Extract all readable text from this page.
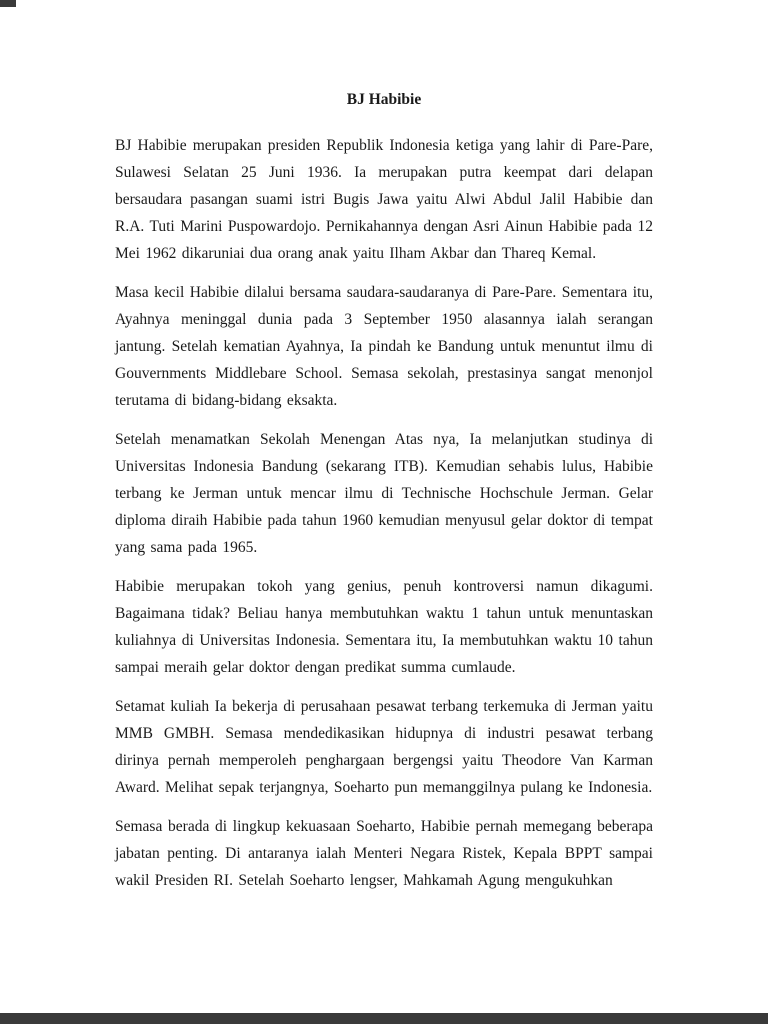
BJ Habibie

BJ Habibie merupakan presiden Republik Indonesia ketiga yang lahir di Pare-Pare, Sulawesi Selatan 25 Juni 1936. Ia merupakan putra keempat dari delapan bersaudara pasangan suami istri Bugis Jawa yaitu Alwi Abdul Jalil Habibie dan R.A. Tuti Marini Puspowardojo. Pernikahannya dengan Asri Ainun Habibie pada 12 Mei 1962 dikaruniai dua orang anak yaitu Ilham Akbar dan Thareq Kemal.

Masa kecil Habibie dilalui bersama saudara-saudaranya di Pare-Pare. Sementara itu, Ayahnya meninggal dunia pada 3 September 1950 alasannya ialah serangan jantung. Setelah kematian Ayahnya, Ia pindah ke Bandung untuk menuntut ilmu di Gouvernments Middlebare School. Semasa sekolah, prestasinya sangat menonjol terutama di bidang-bidang eksakta.

Setelah menamatkan Sekolah Menengan Atas nya, Ia melanjutkan studinya di Universitas Indonesia Bandung (sekarang ITB). Kemudian sehabis lulus, Habibie terbang ke Jerman untuk mencar ilmu di Technische Hochschule Jerman. Gelar diploma diraih Habibie pada tahun 1960 kemudian menyusul gelar doktor di tempat yang sama pada 1965.

Habibie merupakan tokoh yang genius, penuh kontroversi namun dikagumi. Bagaimana tidak? Beliau hanya membutuhkan waktu 1 tahun untuk menuntaskan kuliahnya di Universitas Indonesia. Sementara itu, Ia membutuhkan waktu 10 tahun sampai meraih gelar doktor dengan predikat summa cumlaude.

Setamat kuliah Ia bekerja di perusahaan pesawat terbang terkemuka di Jerman yaitu MMB GMBH. Semasa mendedikasikan hidupnya di industri pesawat terbang dirinya pernah memperoleh penghargaan bergengsi yaitu Theodore Van Karman Award. Melihat sepak terjangnya, Soeharto pun memanggilnya pulang ke Indonesia.

Semasa berada di lingkup kekuasaan Soeharto, Habibie pernah memegang beberapa jabatan penting. Di antaranya ialah Menteri Negara Ristek, Kepala BPPT sampai wakil Presiden RI. Setelah Soeharto lengser, Mahkamah Agung mengukuhkan
